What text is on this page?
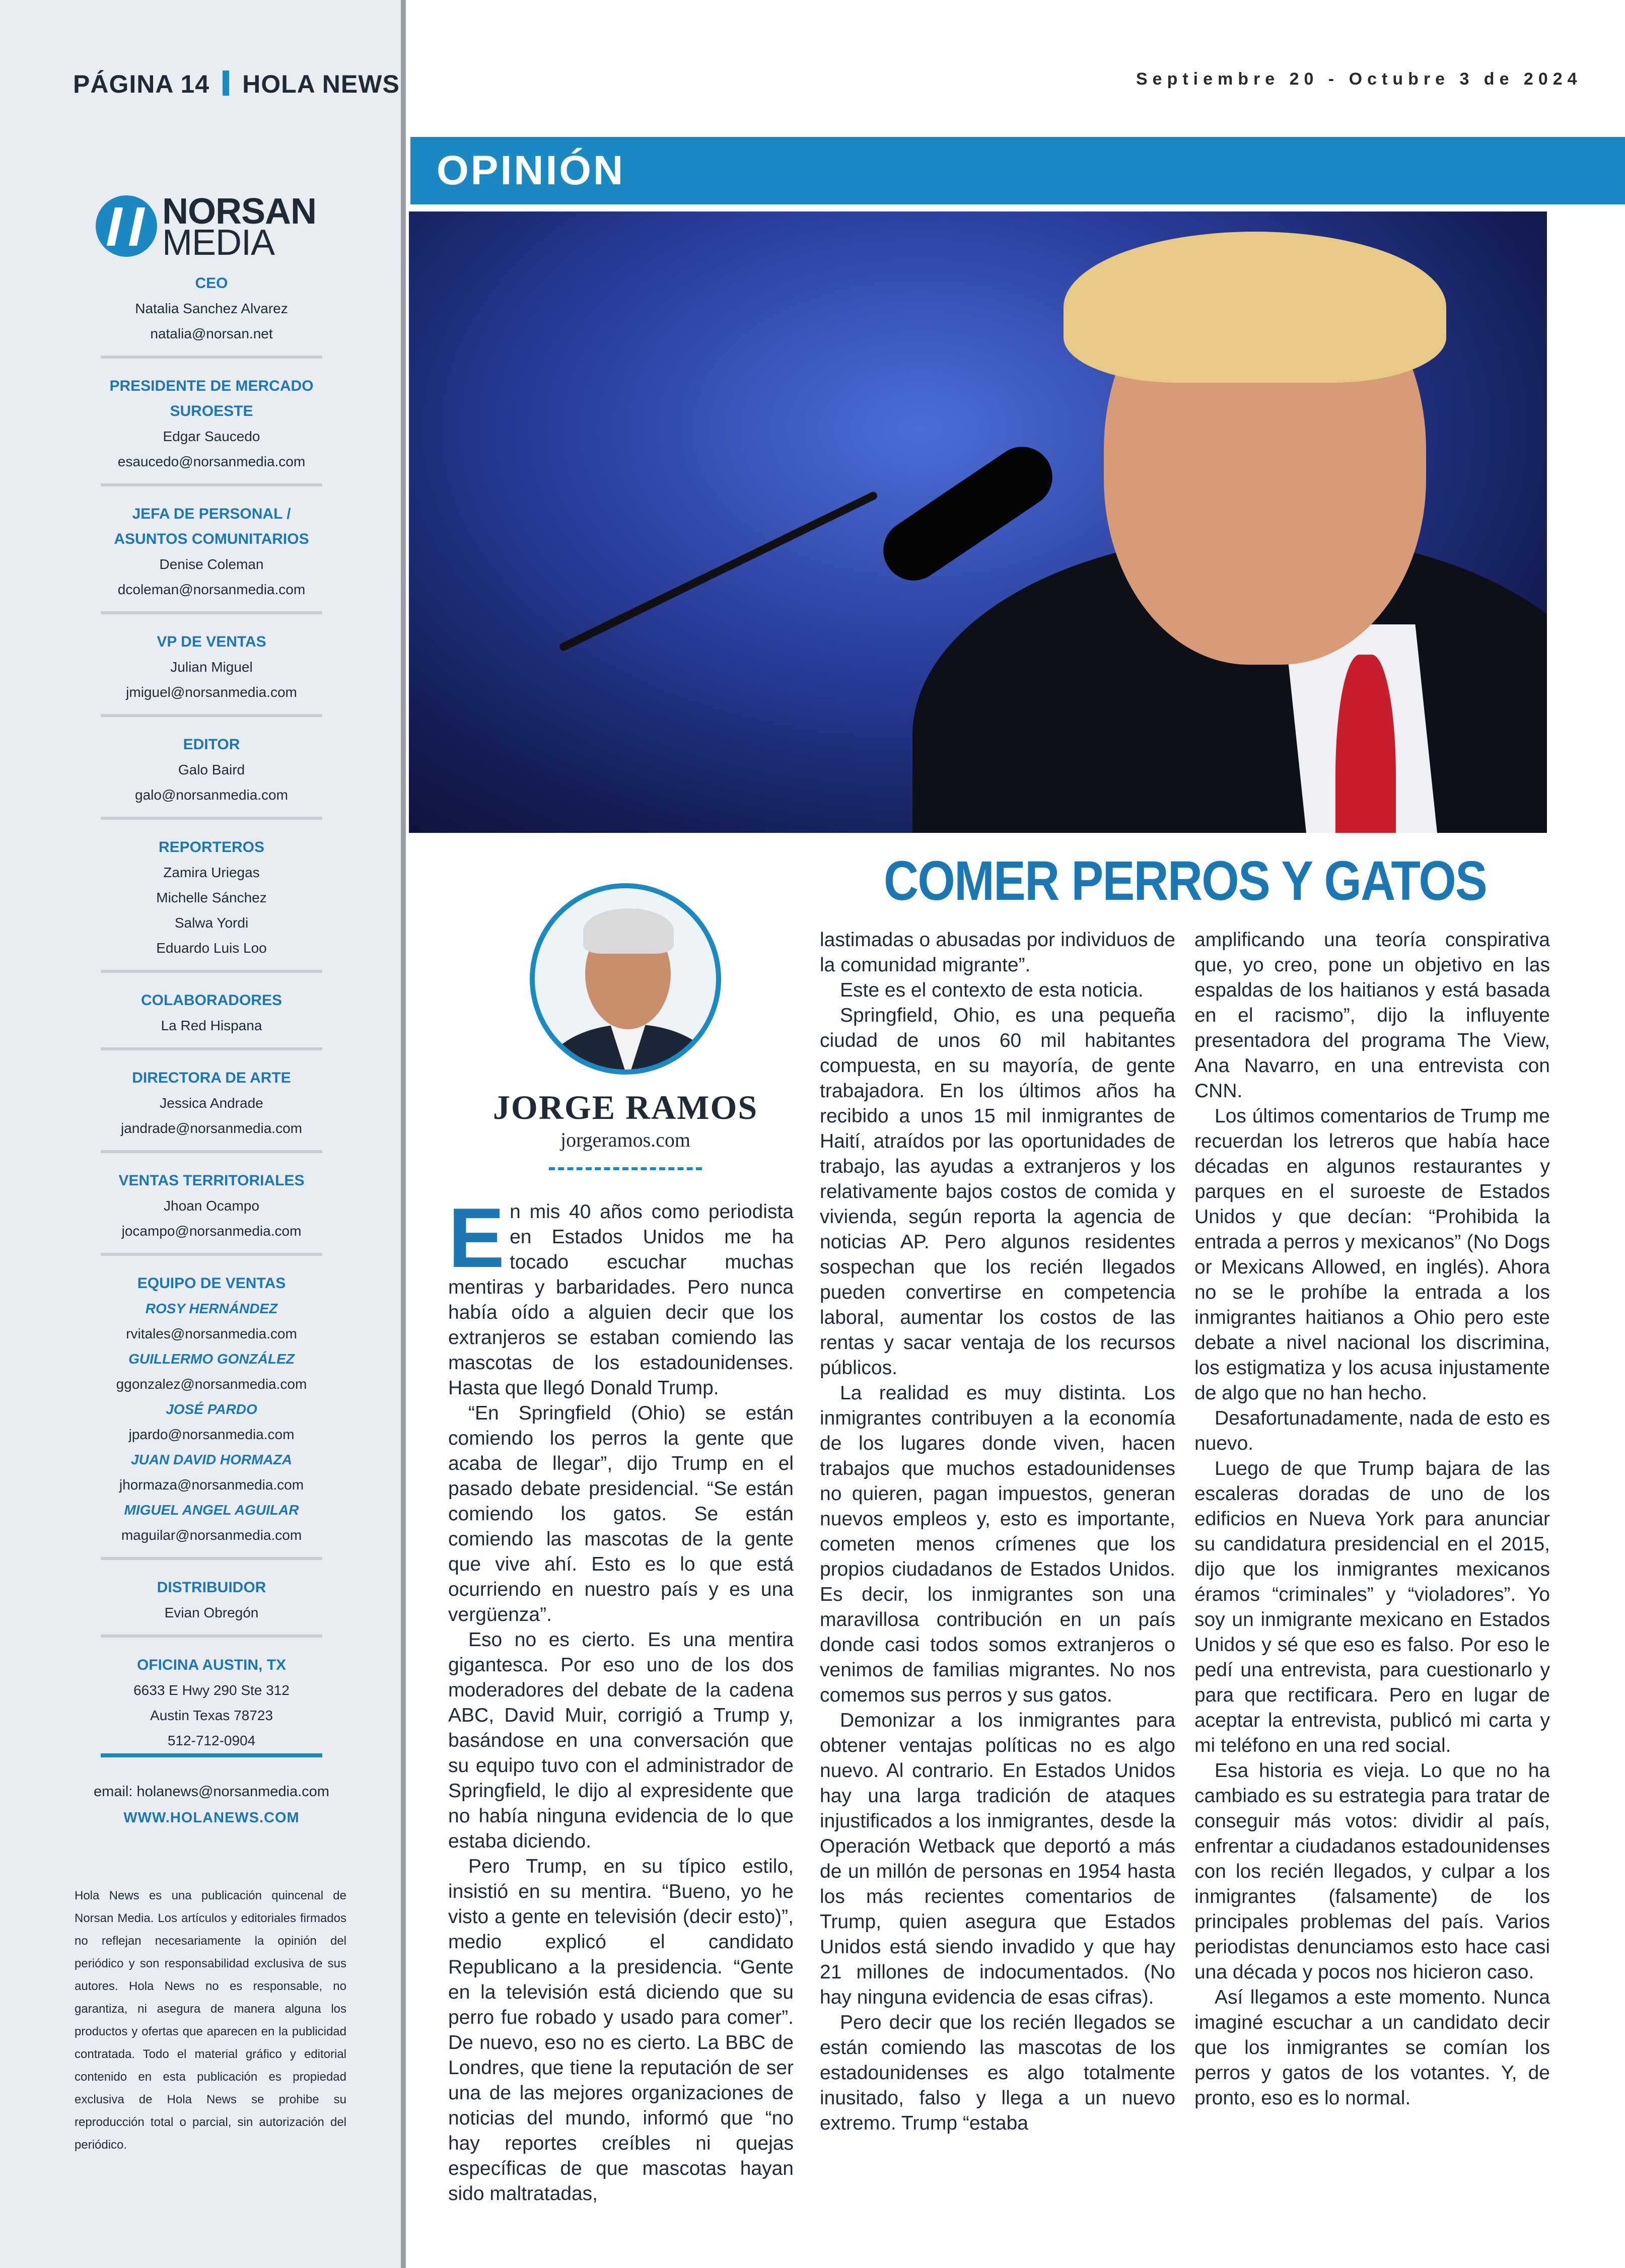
PÁGINA 14 HOLA NEWS
NORSAN
MEDIA
CEO
Natalia Sanchez Alvarez
natalia@norsan.net
PRESIDENTE DE MERCADO SUROESTE
Edgar Saucedo
esaucedo@norsanmedia.com
JEFA DE PERSONAL / ASUNTOS COMUNITARIOS
Denise Coleman
dcoleman@norsanmedia.com
VP DE VENTAS
Julian Miguel
jmiguel@norsanmedia.com
EDITOR
Galo Baird
galo@norsanmedia.com
REPORTEROS
Zamira Uriegas
Michelle Sánchez
Salwa Yordi
Eduardo Luis Loo
COLABORADORES
La Red Hispana
DIRECTORA DE ARTE
Jessica Andrade
jandrade@norsanmedia.com
VENTAS TERRITORIALES
Jhoan Ocampo
jocampo@norsanmedia.com
EQUIPO DE VENTAS
ROSY HERNÁNDEZ
rvitales@norsanmedia.com
GUILLERMO GONZÁLEZ
ggonzalez@norsanmedia.com
JOSÉ PARDO
jpardo@norsanmedia.com
JUAN DAVID HORMAZA
jhormaza@norsanmedia.com
MIGUEL ANGEL AGUILAR
maguilar@norsanmedia.com
DISTRIBUIDOR
Evian Obregón
OFICINA AUSTIN, TX
6633 E Hwy 290 Ste 312
Austin Texas 78723
512-712-0904
email: holanews@norsanmedia.com
WWW.HOLANEWS.COM
Hola News es una publicación quincenal de Norsan Media. Los artículos y editoriales firmados no reflejan necesariamente la opinión del periódico y son responsabilidad exclusiva de sus autores. Hola News no es responsable, no garantiza, ni asegura de manera alguna los productos y ofertas que aparecen en la publicidad contratada. Todo el material gráfico y editorial contenido en esta publicación es propiedad exclusiva de Hola News se prohibe su reproducción total o parcial, sin autorización del periódico.
Septiembre 20 - Octubre 3 de 2024
OPINIÓN
COMER PERROS Y GATOS
JORGE RAMOS
jorgeramos.com

En mis 40 años como periodista en Estados Unidos me ha tocado escuchar muchas mentiras y barbaridades. Pero nunca había oído a alguien decir que los extranjeros se estaban comiendo las mascotas de los estadounidenses. Hasta que llegó Donald Trump.

“En Springfield (Ohio) se están comiendo los perros la gente que acaba de llegar”, dijo Trump en el pasado debate presidencial. “Se están comiendo los gatos. Se están comiendo las mascotas de la gente que vive ahí. Esto es lo que está ocurriendo en nuestro país y es una vergüenza”.

Eso no es cierto. Es una mentira gigantesca. Por eso uno de los dos moderadores del debate de la cadena ABC, David Muir, corrigió a Trump y, basándose en una conversación que su equipo tuvo con el administrador de Springfield, le dijo al expresidente que no había ninguna evidencia de lo que estaba diciendo.

Pero Trump, en su típico estilo, insistió en su mentira. “Bueno, yo he visto a gente en televisión (decir esto)”, medio explicó el candidato Republicano a la presidencia. “Gente en la televisión está diciendo que su perro fue robado y usado para comer”. De nuevo, eso no es cierto. La BBC de Londres, que tiene la reputación de ser una de las mejores organizaciones de noticias del mundo, informó que “no hay reportes creíbles ni quejas específicas de que mascotas hayan sido maltratadas,

lastimadas o abusadas por individuos de la comunidad migrante”.

Este es el contexto de esta noticia.

Springfield, Ohio, es una pequeña ciudad de unos 60 mil habitantes compuesta, en su mayoría, de gente trabajadora. En los últimos años ha recibido a unos 15 mil inmigrantes de Haití, atraídos por las oportunidades de trabajo, las ayudas a extranjeros y los relativamente bajos costos de comida y vivienda, según reporta la agencia de noticias AP. Pero algunos residentes sospechan que los recién llegados pueden convertirse en competencia laboral, aumentar los costos de las rentas y sacar ventaja de los recursos públicos.

La realidad es muy distinta. Los inmigrantes contribuyen a la economía de los lugares donde viven, hacen trabajos que muchos estadounidenses no quieren, pagan impuestos, generan nuevos empleos y, esto es importante, cometen menos crímenes que los propios ciudadanos de Estados Unidos. Es decir, los inmigrantes son una maravillosa contribución en un país donde casi todos somos extranjeros o venimos de familias migrantes. No nos comemos sus perros y sus gatos.

Demonizar a los inmigrantes para obtener ventajas políticas no es algo nuevo. Al contrario. En Estados Unidos hay una larga tradición de ataques injustificados a los inmigrantes, desde la Operación Wetback que deportó a más de un millón de personas en 1954 hasta los más recientes comentarios de Trump, quien asegura que Estados Unidos está siendo invadido y que hay 21 millones de indocumentados. (No hay ninguna evidencia de esas cifras).

Pero decir que los recién llegados se están comiendo las mascotas de los estadounidenses es algo totalmente inusitado, falso y llega a un nuevo extremo. Trump “estaba

amplificando una teoría conspirativa que, yo creo, pone un objetivo en las espaldas de los haitianos y está basada en el racismo”, dijo la influyente presentadora del programa The View, Ana Navarro, en una entrevista con CNN.

Los últimos comentarios de Trump me recuerdan los letreros que había hace décadas en algunos restaurantes y parques en el suroeste de Estados Unidos y que decían: “Prohibida la entrada a perros y mexicanos” (No Dogs or Mexicans Allowed, en inglés). Ahora no se le prohíbe la entrada a los inmigrantes haitianos a Ohio pero este debate a nivel nacional los discrimina, los estigmatiza y los acusa injustamente de algo que no han hecho.

Desafortunadamente, nada de esto es nuevo.

Luego de que Trump bajara de las escaleras doradas de uno de los edificios en Nueva York para anunciar su candidatura presidencial en el 2015, dijo que los inmigrantes mexicanos éramos “criminales” y “violadores”. Yo soy un inmigrante mexicano en Estados Unidos y sé que eso es falso. Por eso le pedí una entrevista, para cuestionarlo y para que rectificara. Pero en lugar de aceptar la entrevista, publicó mi carta y mi teléfono en una red social.

Esa historia es vieja. Lo que no ha cambiado es su estrategia para tratar de conseguir más votos: dividir al país, enfrentar a ciudadanos estadounidenses con los recién llegados, y culpar a los inmigrantes (falsamente) de los principales problemas del país. Varios periodistas denunciamos esto hace casi una década y pocos nos hicieron caso.

Así llegamos a este momento. Nunca imaginé escuchar a un candidato decir que los inmigrantes se comían los perros y gatos de los votantes. Y, de pronto, eso es lo normal.
